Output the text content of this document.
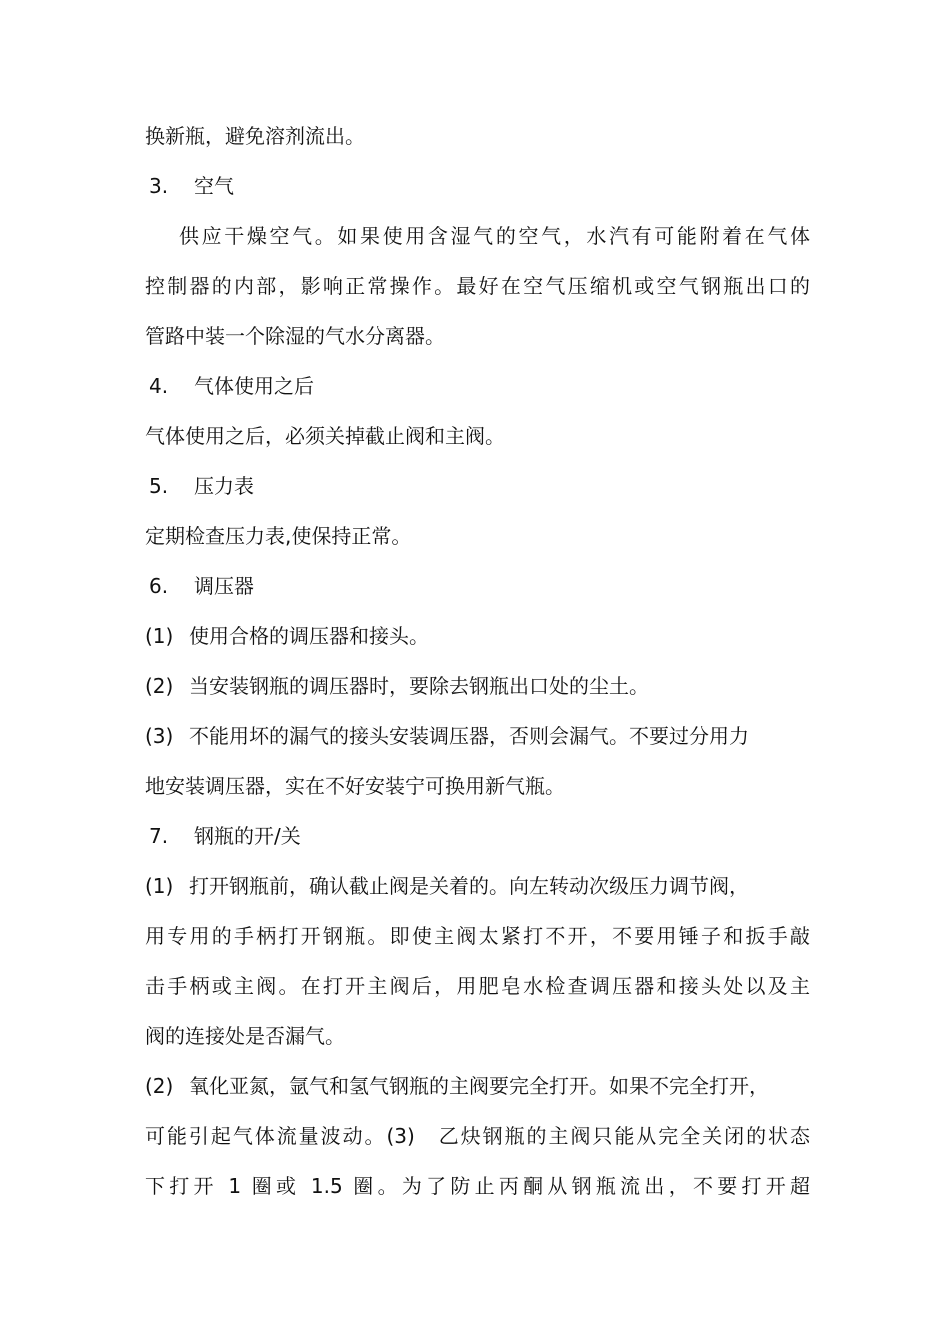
换新瓶，避免溶剂流出。
3. 空气
供应干燥空气。如果使用含湿气的空气，水汽有可能附着在气体
控制器的内部，影响正常操作。最好在空气压缩机或空气钢瓶出口的
管路中装一个除湿的气水分离器。
4. 气体使用之后
气体使用之后，必须关掉截止阀和主阀。
5. 压力表
定期检查压力表,使保持正常。
6. 调压器
(1) 使用合格的调压器和接头。
(2) 当安装钢瓶的调压器时，要除去钢瓶出口处的尘土。
(3) 不能用坏的漏气的接头安装调压器，否则会漏气。不要过分用力
地安装调压器，实在不好安装宁可换用新气瓶。
7. 钢瓶的开/关
(1) 打开钢瓶前，确认截止阀是关着的。向左转动次级压力调节阀，
用专用的手柄打开钢瓶。即使主阀太紧打不开，不要用锤子和扳手敲
击手柄或主阀。在打开主阀后，用肥皂水检查调压器和接头处以及主
阀的连接处是否漏气。
(2) 氧化亚氮，氩气和氢气钢瓶的主阀要完全打开。如果不完全打开，
可能引起气体流量波动。(3)　乙炔钢瓶的主阀只能从完全关闭的状态
下打开 1 圈或 1.5 圈。为了防止丙酮从钢瓶流出，不要打开超
